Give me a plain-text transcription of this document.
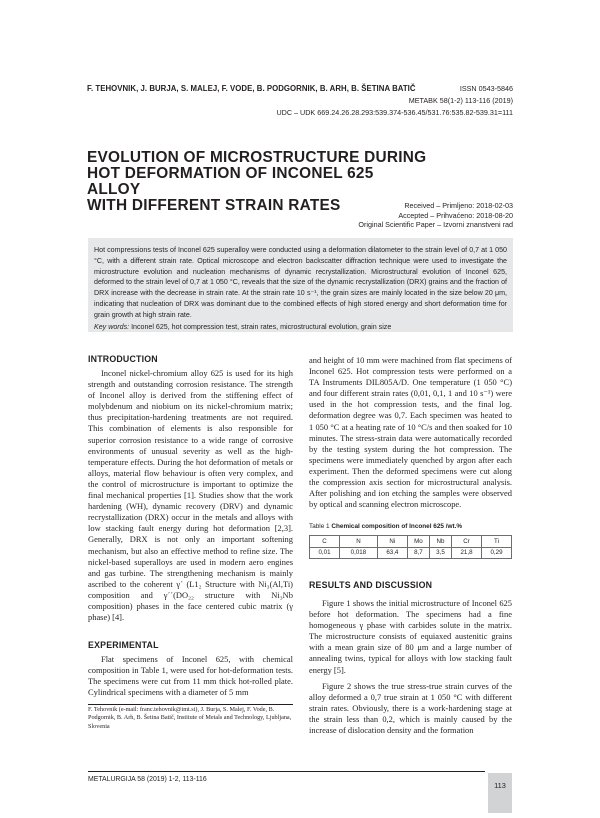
F. TEHOVNIK, J. BURJA, S. MALEJ, F. VODE, B. PODGORNIK, B. ARH, B. ŠETINA BATIČ	ISSN 0543-5846
METABK 58(1-2) 113-116 (2019)
UDC – UDK 669.24.26.28.293:539.374-536.45/531.76:535.82-539.31=111
EVOLUTION OF MICROSTRUCTURE DURING
HOT DEFORMATION OF INCONEL 625 ALLOY
WITH DIFFERENT STRAIN RATES	Received – Primljeno: 2018-02-03
Accepted – Prihvaćeno: 2018-08-20
Original Scientific Paper – Izvorni znanstveni rad

Hot compressions tests of Inconel 625 superalloy were conducted using a deformation dilatometer to the strain level of 0,7 at 1 050 °C, with a different strain rate. Optical microscope and electron backscatter diffraction technique were used to investigate the microstructure evolution and nucleation mechanisms of dynamic recrystallization. Microstructural evolution of Inconel 625, deformed to the strain level of 0,7 at 1 050 °C, reveals that the size of the dynamic recrystallization (DRX) grains and the fraction of DRX increase with the decrease in strain rate. At the strain rate 10 s⁻¹, the grain sizes are mainly located in the size below 20 μm, indicating that nucleation of DRX was dominant due to the combined effects of high stored energy and short deformation time for grain growth at high strain rate.

Key words: Inconel 625, hot compression test, strain rates, microstructural evolution, grain size

INTRODUCTION

Inconel nickel-chromium alloy 625 is used for its high strength and outstanding corrosion resistance. The strength of Inconel alloy is derived from the stiffening effect of molybdenum and niobium on its nickel-chromium matrix; thus precipitation-hardening treatments are not required. This combination of elements is also responsible for superior corrosion resistance to a wide range of corrosive environments of unusual severity as well as the high-temperature effects. During the hot deformation of metals or alloys, material flow behaviour is often very complex, and the control of microstructure is important to optimize the final mechanical properties [1]. Studies show that the work hardening (WH), dynamic recovery (DRV) and dynamic recrystallization (DRX) occur in the metals and alloys with low stacking fault energy during hot deformation [2,3]. Generally, DRX is not only an important softening mechanism, but also an effective method to refine size. The nickel-based superalloys are used in modern aero engines and gas turbine. The strengthening mechanism is mainly ascribed to the coherent γ´ (L1₂ Structure with Ni₃(Al,Ti) composition and γ´´(DO₂₂ structure with Ni₃Nb composition) phases in the face centered cubic matrix (γ phase) [4].

EXPERIMENTAL

Flat specimens of Inconel 625, with chemical composition in Table 1, were used for hot-deformation tests. The specimens were cut from 11 mm thick hot-rolled plate. Cylindrical specimens with a diameter of 5 mm

F. Tehovnik (e-mail: franc.tehovnik@imt.si), J. Burja, S. Malej, F. Vode, B. Podgornik, B. Arh, B. Šetina Batič, Institute of Metals and Technology, Ljubljana, Slovenia

and height of 10 mm were machined from flat specimens of Inconel 625. Hot compression tests were performed on a TA Instruments DIL805A/D. One temperature (1 050 °C) and four different strain rates (0,01, 0,1, 1 and 10 s⁻¹) were used in the hot compression tests, and the final log. deformation degree was 0,7. Each specimen was heated to 1 050 °C at a heating rate of 10 °C/s and then soaked for 10 minutes. The stress-strain data were automatically recorded by the testing system during the hot compression. The specimens were immediately quenched by argon after each experiment. Then the deformed specimens were cut along the compression axis section for microstructural analysis. After polishing and ion etching the samples were observed by optical and scanning electron microscope.

Table 1 Chemical composition of Inconel 625 /wt.%
C	N	Ni	Mo	Nb	Cr	Ti
0,01	0,018	63,4	8,7	3,5	21,8	0,29
RESULTS AND DISCUSSION

Figure 1 shows the initial microstructure of Inconel 625 before hot deformation. The specimens had a fine homogeneous γ phase with carbides solute in the matrix. The microstructure consists of equiaxed austenitic grains with a mean grain size of 80 μm and a large number of annealing twins, typical for alloys with low stacking fault energy [5].

Figure 2 shows the true stress-true strain curves of the alloy deformed a 0,7 true strain at 1 050 °C with different strain rates. Obviously, there is a work-hardening stage at the strain less than 0,2, which is mainly caused by the increase of dislocation density and the formation

METALURGIJA 58 (2019) 1-2, 113-116
113
